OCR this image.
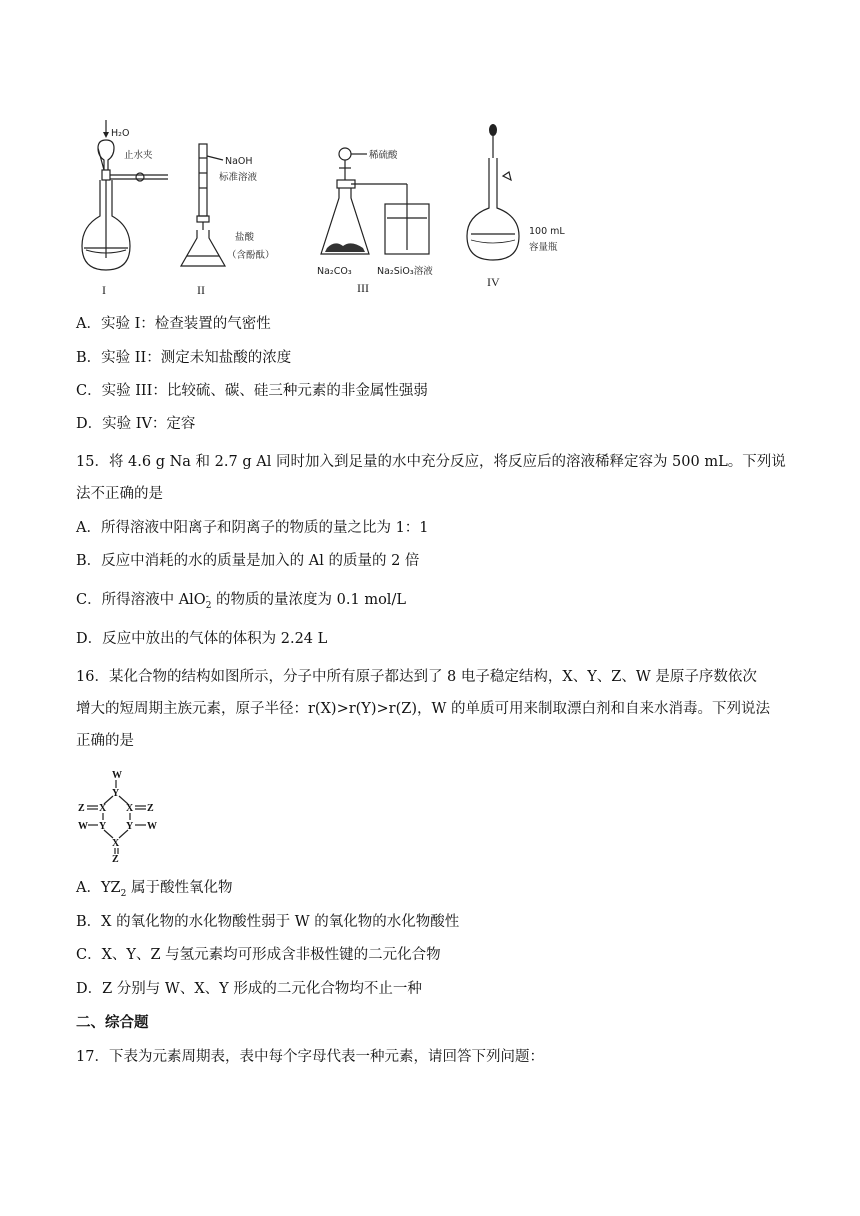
H₂O
止水夹
I
NaOH
标准溶液
盐酸
（含酚酞）
II
稀硫酸
Na₂CO₃	Na₂SiO₃溶液
III
100 mL
容量瓶
IV
A．实验 I：检查装置的气密性
B．实验 II：测定未知盐酸的浓度
C．实验 III：比较硫、碳、硅三种元素的非金属性强弱
D．实验 IV：定容
15．将 4.6 g Na 和 2.7 g Al 同时加入到足量的水中充分反应，将反应后的溶液稀释定容为 500 mL。下列说
法不正确的是
A．所得溶液中阳离子和阴离子的物质的量之比为 1：1
B．反应中消耗的水的质量是加入的 Al 的质量的 2 倍
C．所得溶液中 AlO -
2 的物质的量浓度为 0.1 mol/L
D．反应中放出的气体的体积为 2.24 L
16．某化合物的结构如图所示，分子中所有原子都达到了 8 电子稳定结构，X、Y、Z、W 是原子序数依次
增大的短周期主族元素，原子半径：r(X)>r(Y)>r(Z)，W 的单质可用来制取漂白剂和自来水消毒。下列说法
正确的是
W
Y
Z X X Z
W Y Y W
X
Z
A．$YZ_2$ 属于酸性氧化物
B．X 的氧化物的水化物酸性弱于 W 的氧化物的水化物酸性
C．X、Y、Z 与氢元素均可形成含非极性键的二元化合物
D．Z 分别与 W、X、Y 形成的二元化合物均不止一种
二、综合题
17．下表为元素周期表，表中每个字母代表一种元素，请回答下列问题：
